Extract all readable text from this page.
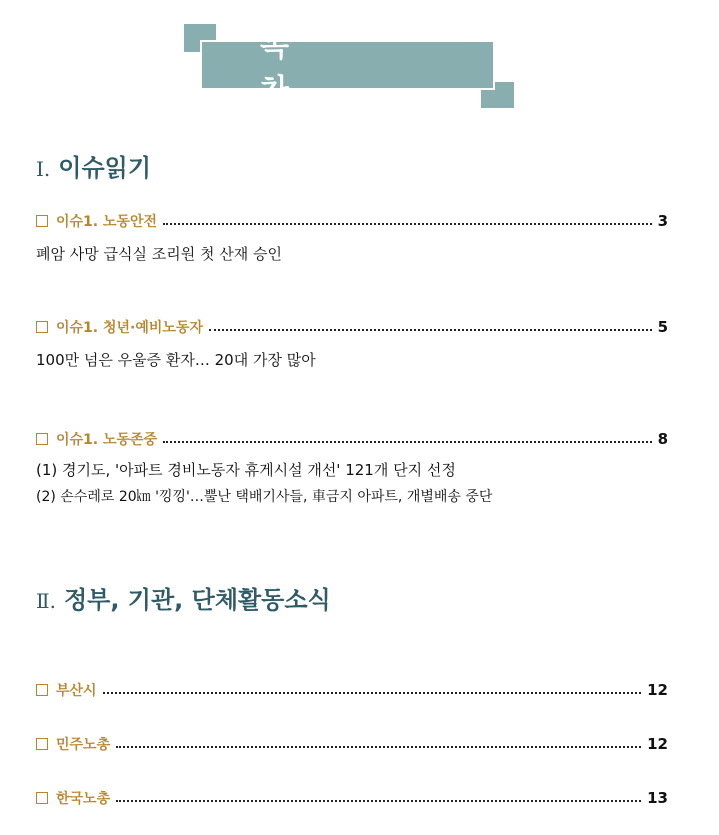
목 차
Ⅰ. 이슈읽기
이슈1. 노동안전	3
폐암 사망 급식실 조리원 첫 산재 승인
이슈1. 청년·예비노동자	5
100만 넘은 우울증 환자… 20대 가장 많아
이슈1. 노동존중	8
(1) 경기도, '아파트 경비노동자 휴게시설 개선' 121개 단지 선정
(2) 손수레로 20㎞ '낑낑'…뿔난 택배기사들, 車금지 아파트, 개별배송 중단
Ⅱ. 정부, 기관, 단체활동소식
부산시	12
민주노총	12
한국노총	13
